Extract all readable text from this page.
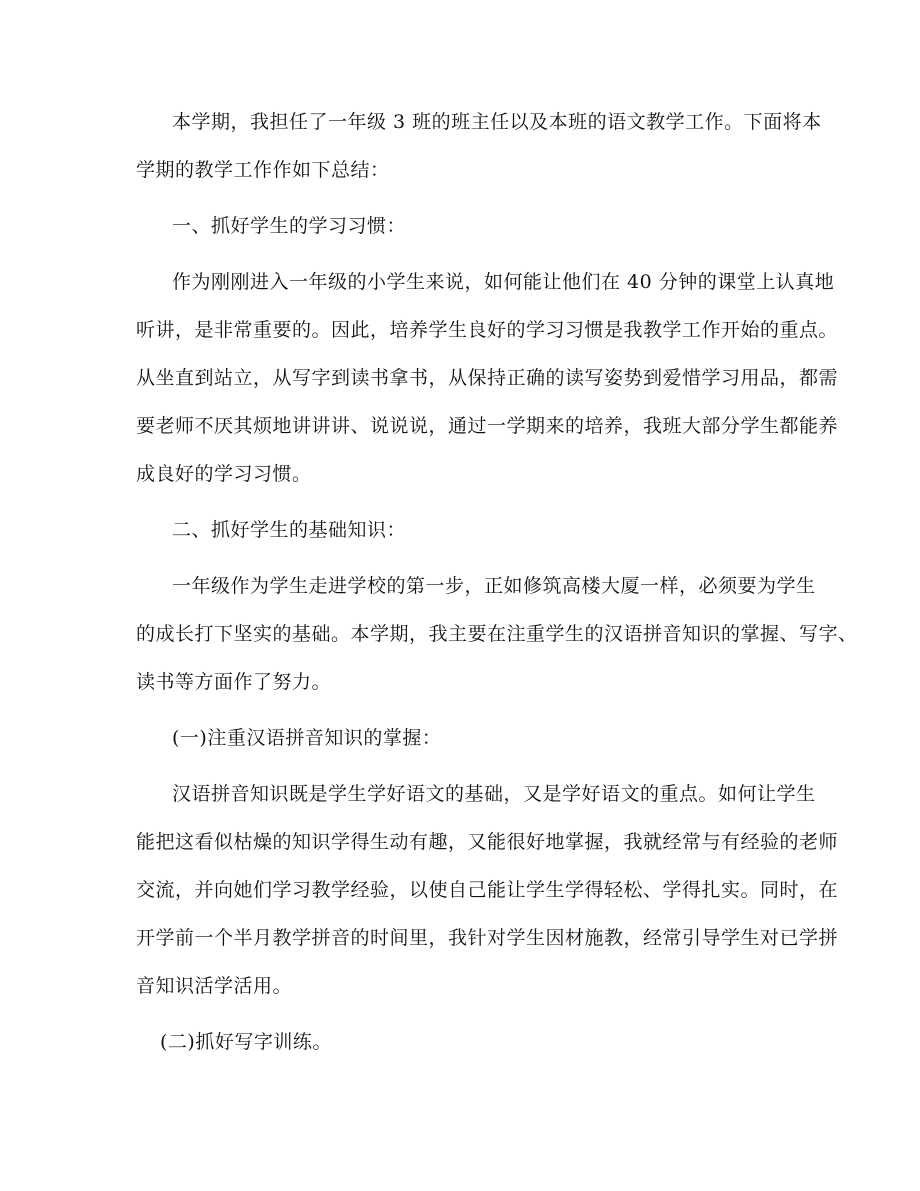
本学期，我担任了一年级 3 班的班主任以及本班的语文教学工作。下面将本
学期的教学工作作如下总结：
一、抓好学生的学习习惯：
作为刚刚进入一年级的小学生来说，如何能让他们在 40 分钟的课堂上认真地
听讲，是非常重要的。因此，培养学生良好的学习习惯是我教学工作开始的重点。
从坐直到站立，从写字到读书拿书，从保持正确的读写姿势到爱惜学习用品，都需
要老师不厌其烦地讲讲讲、说说说，通过一学期来的培养，我班大部分学生都能养
成良好的学习习惯。
二、抓好学生的基础知识：
一年级作为学生走进学校的第一步，正如修筑高楼大厦一样，必须要为学生
的成长打下坚实的基础。本学期，我主要在注重学生的汉语拼音知识的掌握、写字、
读书等方面作了努力。
(一)注重汉语拼音知识的掌握：
汉语拼音知识既是学生学好语文的基础，又是学好语文的重点。如何让学生
能把这看似枯燥的知识学得生动有趣，又能很好地掌握，我就经常与有经验的老师
交流，并向她们学习教学经验，以使自己能让学生学得轻松、学得扎实。同时，在
开学前一个半月教学拼音的时间里，我针对学生因材施教，经常引导学生对已学拼
音知识活学活用。
(二)抓好写字训练。
